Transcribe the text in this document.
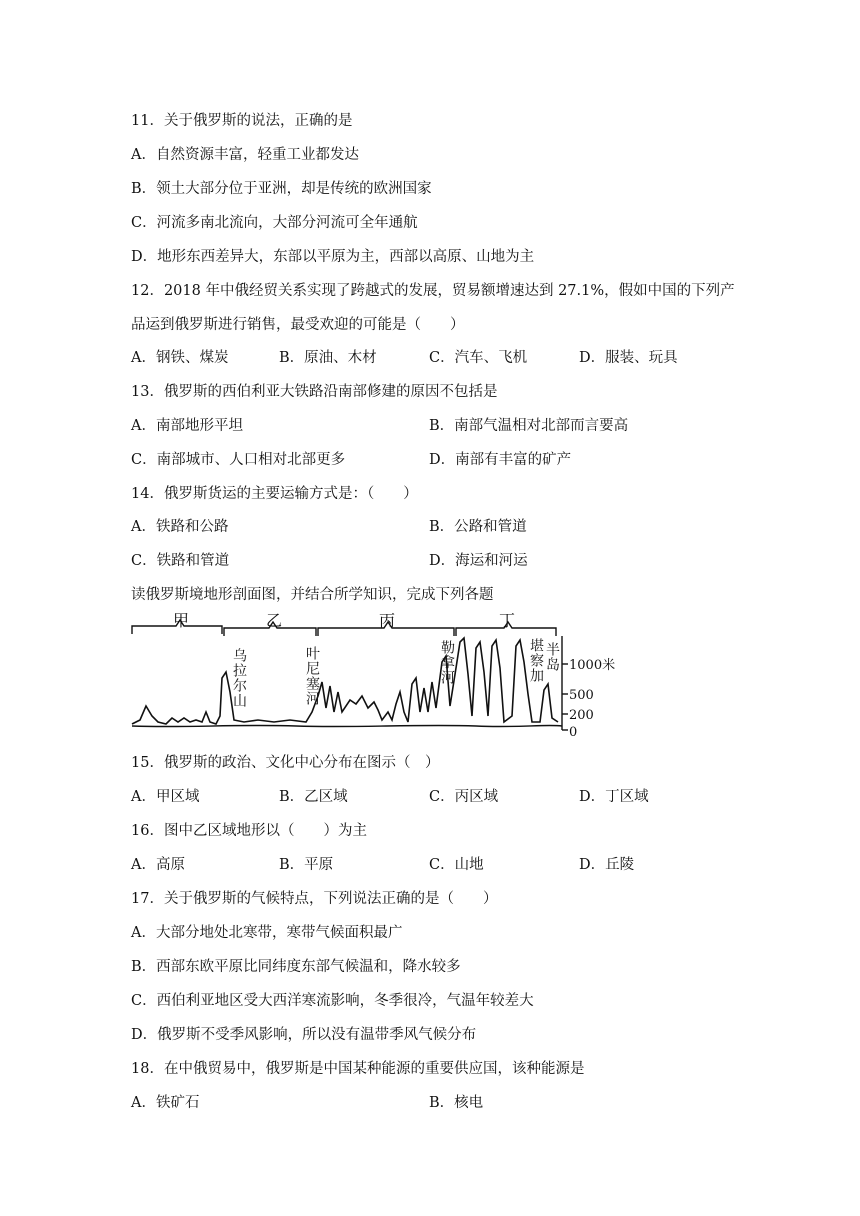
11．关于俄罗斯的说法，正确的是
A．自然资源丰富，轻重工业都发达
B．领土大部分位于亚洲，却是传统的欧洲国家
C．河流多南北流向，大部分河流可全年通航
D．地形东西差异大，东部以平原为主，西部以高原、山地为主
12．2018 年中俄经贸关系实现了跨越式的发展，贸易额增速达到 27.1%，假如中国的下列产
品运到俄罗斯进行销售，最受欢迎的可能是（　　）
A．钢铁、煤炭	B．原油、木材	C．汽车、飞机	D．服装、玩具
13．俄罗斯的西伯利亚大铁路沿南部修建的原因不包括是
A．南部地形平坦	B．南部气温相对北部而言要高
C．南部城市、人口相对北部更多	D．南部有丰富的矿产
14．俄罗斯货运的主要运输方式是：（　　）
A．铁路和公路	B．公路和管道
C．铁路和管道	D．海运和河运
读俄罗斯境地形剖面图，并结合所学知识，完成下列各题
甲	乙	丙	丁
1000米
500
200
0
乌拉尔山	叶尼塞河	勒拿河	堪察加 半岛
15．俄罗斯的政治、文化中心分布在图示（　）
A．甲区域	B．乙区域	C．丙区域	D．丁区域
16．图中乙区域地形以（　　）为主
A．高原	B．平原	C．山地	D．丘陵
17．关于俄罗斯的气候特点，下列说法正确的是（　　）
A．大部分地处北寒带，寒带气候面积最广
B．西部东欧平原比同纬度东部气候温和，降水较多
C．西伯利亚地区受大西洋寒流影响，冬季很冷，气温年较差大
D．俄罗斯不受季风影响，所以没有温带季风气候分布
18．在中俄贸易中，俄罗斯是中国某种能源的重要供应国，该种能源是
A．铁矿石	B．核电
